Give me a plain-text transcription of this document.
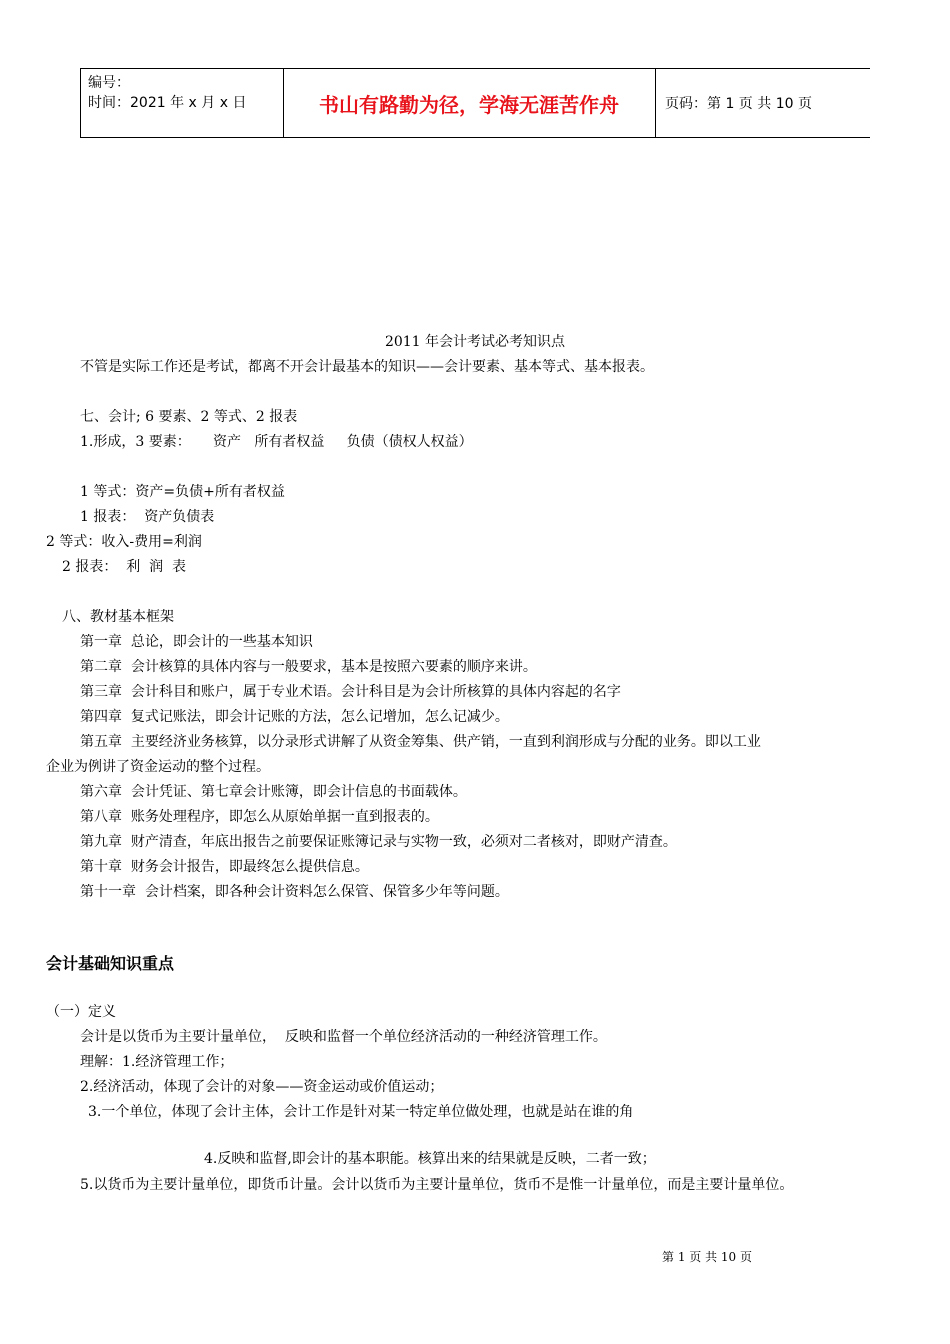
编号：
时间：2021 年 x 月 x 日	书山有路勤为径，学海无涯苦作舟	页码：第 1 页 共 10 页
2011 年会计考试必考知识点
不管是实际工作还是考试，都离不开会计最基本的知识——会计要素、基本等式、基本报表。
七、会计; 6 要素、2 等式、2 报表
1.形成，3 要素：     资产   所有者权益     负债（债权人权益）
1 等式：资产=负债+所有者权益
1 报表：  资产负债表
2 等式：收入-费用=利润
2 报表：  利  润  表
八、教材基本框架
第一章  总论，即会计的一些基本知识
第二章  会计核算的具体内容与一般要求，基本是按照六要素的顺序来讲。
第三章  会计科目和账户，属于专业术语。会计科目是为会计所核算的具体内容起的名字
第四章  复式记账法，即会计记账的方法，怎么记增加，怎么记减少。
第五章  主要经济业务核算，以分录形式讲解了从资金筹集、供产销，一直到利润形成与分配的业务。即以工业
企业为例讲了资金运动的整个过程。
第六章  会计凭证、第七章会计账簿，即会计信息的书面载体。
第八章  账务处理程序，即怎么从原始单据一直到报表的。
第九章  财产清查，年底出报告之前要保证账簿记录与实物一致，必须对二者核对，即财产清查。
第十章  财务会计报告，即最终怎么提供信息。
第十一章  会计档案，即各种会计资料怎么保管、保管多少年等问题。
会计基础知识重点
（一）定义
会计是以货币为主要计量单位，  反映和监督一个单位经济活动的一种经济管理工作。
理解：1.经济管理工作；
2.经济活动，体现了会计的对象——资金运动或价值运动；
3.一个单位，体现了会计主体，会计工作是针对某一特定单位做处理，也就是站在谁的角
4.反映和监督,即会计的基本职能。核算出来的结果就是反映，二者一致；
5.以货币为主要计量单位，即货币计量。会计以货币为主要计量单位，货币不是惟一计量单位，而是主要计量单位。
第 1 页 共 10 页
